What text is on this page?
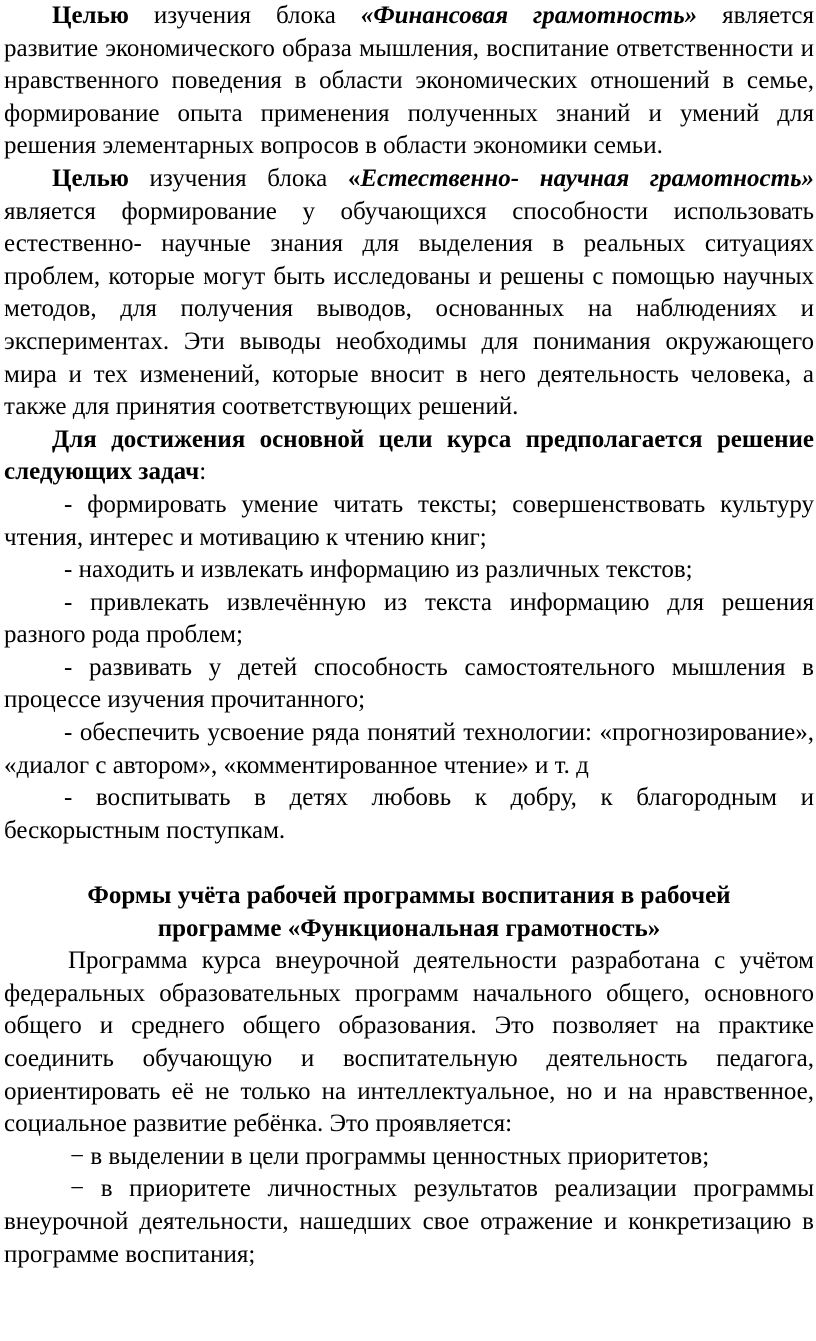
Целью изучения блока «Финансовая грамотность» является развитие экономического образа мышления, воспитание ответственности и нравственного поведения в области экономических отношений в семье, формирование опыта применения полученных знаний и умений для решения элементарных вопросов в области экономики семьи.

Целью изучения блока «Естественно- научная грамотность» является формирование у обучающихся способности использовать естественно- научные знания для выделения в реальных ситуациях проблем, которые могут быть исследованы и решены с помощью научных методов, для получения выводов, основанных на наблюдениях и экспериментах. Эти выводы необходимы для понимания окружающего мира и тех изменений, которые вносит в него деятельность человека, а также для принятия соответствующих решений.

Для достижения основной цели курса предполагается решение следующих задач:

- формировать умение читать тексты; совершенствовать культуру чтения, интерес и мотивацию к чтению книг;

- находить и извлекать информацию из различных текстов;

- привлекать извлечённую из текста информацию для решения разного рода проблем;

- развивать у детей способность самостоятельного мышления в процессе изучения прочитанного;

- обеспечить усвоение ряда понятий технологии: «прогнозирование», «диалог с автором», «комментированное чтение» и т. д

- воспитывать в детях любовь к добру, к благородным и бескорыстным поступкам.

Формы учёта рабочей программы воспитания в рабочей

программе «Функциональная грамотность»

Программа курса внеурочной деятельности разработана с учётом федеральных образовательных программ начального общего, основного общего и среднего общего образования. Это позволяет на практике соединить обучающую и воспитательную деятельность педагога, ориентировать её не только на интеллектуальное, но и на нравственное, социальное развитие ребёнка. Это проявляется:

− в выделении в цели программы ценностных приоритетов;

− в приоритете личностных результатов реализации программы внеурочной деятельности, нашедших свое отражение и конкретизацию в программе воспитания;
